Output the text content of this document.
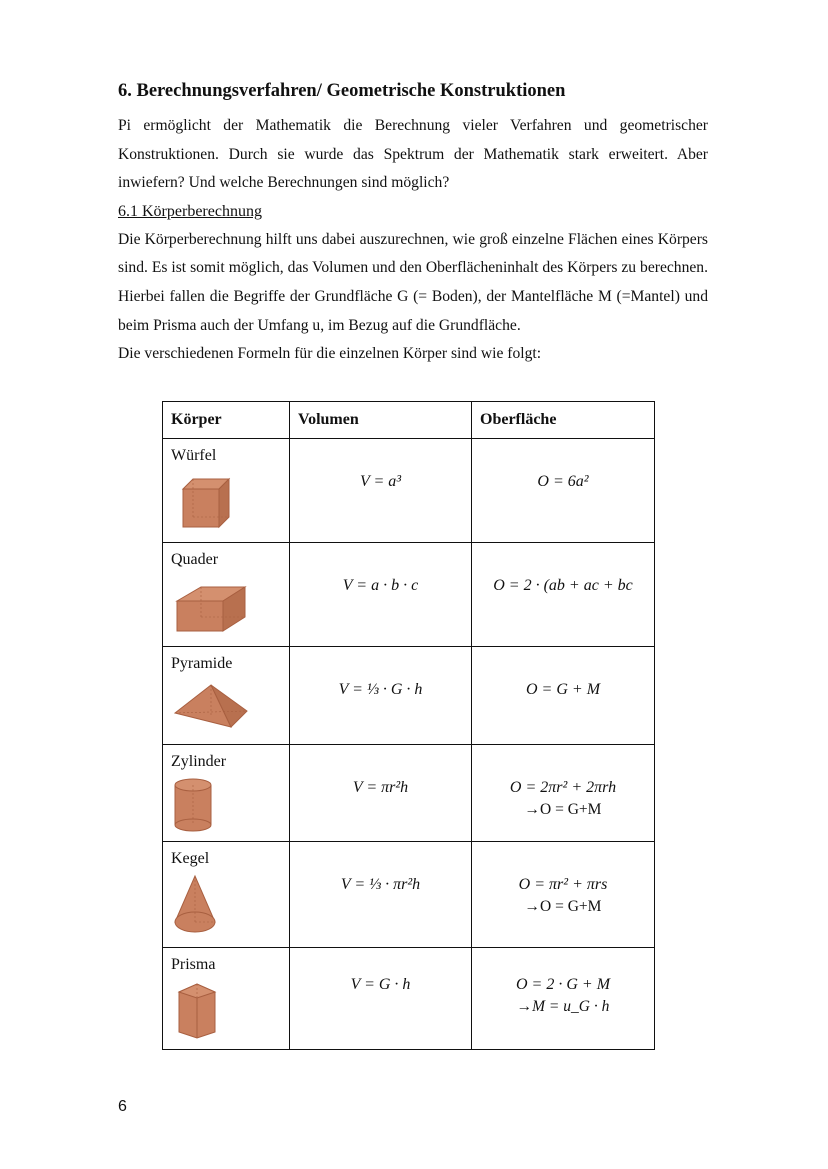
6. Berechnungsverfahren/ Geometrische Konstruktionen

Pi ermöglicht der Mathematik die Berechnung vieler Verfahren und geometrischer Konstruktionen. Durch sie wurde das Spektrum der Mathematik stark erweitert. Aber inwiefern? Und welche Berechnungen sind möglich?

6.1 Körperberechnung

Die Körperberechnung hilft uns dabei auszurechnen, wie groß einzelne Flächen eines Körpers sind. Es ist somit möglich, das Volumen und den Oberflächeninhalt des Körpers zu berechnen. Hierbei fallen die Begriffe der Grundfläche G (= Boden), der Mantelfläche M (=Mantel) und beim Prisma auch der Umfang u, im Bezug auf die Grundfläche.

Die verschiedenen Formeln für die einzelnen Körper sind wie folgt:

Körper	Volumen	Oberfläche
Würfel	V = a³	O = 6a²

Quader	V = a · b · c	O = 2 · (ab + ac + bc

Pyramide	V = ⅓ · G · h	O = G + M

Zylinder	V = πr²h	O = 2πr² + 2πrh
→O = G+M

Kegel	V = ⅓ · πr²h	O = πr² + πrs
→O = G+M

Prisma	V = G · h	O = 2 · G + M
→M = u_G · h
6
